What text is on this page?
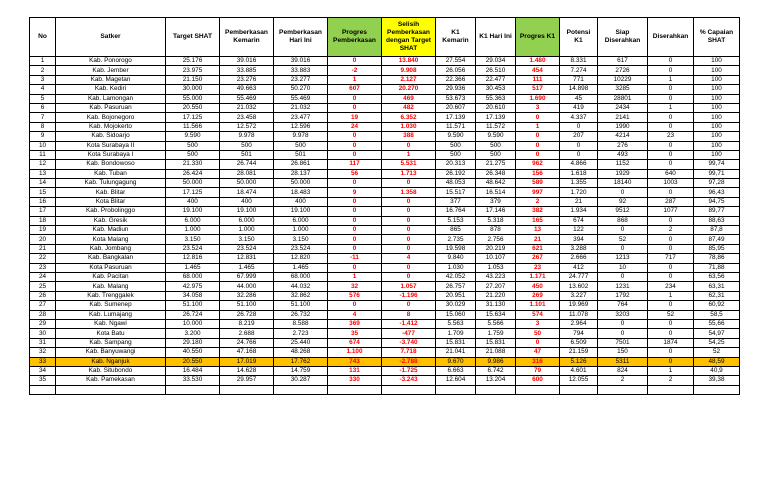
No	Satker	Target SHAT	Pemberkasan Kemarin	Pemberkasan Hari Ini	Progres Pemberkasan	Selisih Pemberkasan dengan Target SHAT	K1 Kemarin	K1 Hari Ini	Progres K1	Potensi K1	Siap Diserahkan	Diserahkan	% Capaian SHAT
1	Kab. Ponorogo	25.176	39.016	39.016	0	13.840	27.554	29.034	1.480	8.331	617	0	100
2	Kab. Jember	23.975	33.885	33.883	-2	9.908	26.056	26.510	454	7.274	2726	0	100
3	Kab. Magetan	21.150	23.276	23.277	1	2.127	22.366	22.477	111	771	10229	1	100
4	Kab. Kediri	30.000	49.663	50.270	607	20.270	29.936	30.453	517	14.898	3285	0	100
5	Kab. Lamongan	55.000	55.469	55.469	0	469	53.673	55.363	1.690	45	28801	0	100
6	Kab. Pasuruan	20.550	21.032	21.032	0	482	20.607	20.610	3	419	2434	1	100
7	Kab. Bojonegoro	17.125	23.458	23.477	19	6.352	17.139	17.139	0	4.337	2141	0	100
8	Kab. Mojokerto	11.566	12.572	12.596	24	1.030	11.571	11.572	1	0	1990	0	100
9	Kab. Sidoarjo	9.590	9.978	9.978	0	388	9.590	9.590	0	207	4214	23	100
10	Kota Surabaya II	500	500	500	0	0	500	500	0	0	276	0	100
11	Kota Surabaya I	500	501	501	0	1	500	500	0	0	493	0	100
12	Kab. Bondowoso	21.330	26.744	26.861	117	5.531	20.313	21.275	962	4.866	1152	0	99,74
13	Kab. Tuban	26.424	28.081	28.137	56	1.713	26.192	26.348	156	1.618	1929	640	99,71
14	Kab. Tulungagung	50.000	50.000	50.000	0	0	48.053	48.642	589	1.355	18140	1003	97,28
15	Kab. Blitar	17.125	18.474	18.483	9	1.358	15.517	16.514	997	1.720	0	0	96,43
16	Kota Blitar	400	400	400	0	0	377	379	2	21	92	287	94,75
17	Kab. Probolinggo	19.100	19.100	19.100	0	0	16.764	17.146	382	1.934	9512	1077	89,77
18	Kab. Gresik	6.000	6.000	6.000	0	0	5.153	5.318	165	674	868	0	88,63
19	Kab. Madiun	1.000	1.000	1.000	0	0	865	878	13	122	0	2	87,8
20	Kota Malang	3.150	3.150	3.150	0	0	2.735	2.756	21	394	52	0	87,49
21	Kab. Jombang	23.524	23.524	23.524	0	0	19.598	20.219	621	3.288	0	0	85,95
22	Kab. Bangkalan	12.816	12.831	12.820	-11	4	9.840	10.107	267	2.666	1213	717	78,86
23	Kota Pasuruan	1.465	1.465	1.465	0	0	1.030	1.053	23	412	10	0	71,88
24	Kab. Pacitan	68.000	67.999	68.000	1	0	42.052	43.223	1.171	24.777	0	0	63,56
25	Kab. Malang	42.975	44.000	44.032	32	1.057	26.757	27.207	450	13.602	1231	234	63,31
26	Kab. Trenggalek	34.058	32.286	32.862	576	-1.196	20.951	21.220	269	3.227	1792	1	62,31
27	Kab. Sumenep	51.100	51.100	51.100	0	0	30.029	31.130	1.101	19.969	764	0	60,92
28	Kab. Lumajang	26.724	26.728	26.732	4	8	15.060	15.634	574	11.078	3203	52	58,5
29	Kab. Ngawi	10.000	8.219	8.588	369	-1.412	5.563	5.566	3	2.964	0	0	55,66
30	Kota Batu	3.200	2.688	2.723	35	-477	1.709	1.759	50	794	0	0	54,97
31	Kab. Sampang	29.180	24.766	25.440	674	-3.740	15.831	15.831	0	6.509	7501	1874	54,25
32	Kab. Banyuwangi	40.550	47.168	48.268	1.100	7.718	21.041	21.088	47	21.159	150	0	52
33	Kab. Nganjuk	20.550	17.019	17.762	743	-2.788	9.670	9.986	316	5.126	5311	0	48,59
34	Kab. Situbondo	16.484	14.628	14.759	131	-1.725	6.663	6.742	79	4.601	824	1	40,9
35	Kab. Pamekasan	33.530	29.957	30.287	330	-3.243	12.604	13.204	600	12.055	2	2	39,38
